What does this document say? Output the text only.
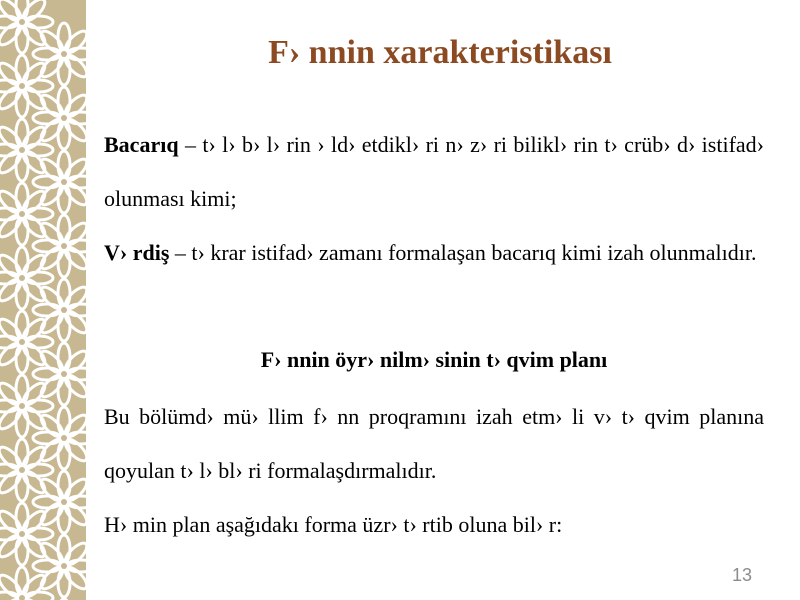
F› nnin xarakteristikası
Bacarıq – t› l› b› l› rin › ld› etdikl› ri n› z› ri bilikl› rin t› crüb› d› istifad› olunması kimi;
V› rdiş – t› krar istifad› zamanı formalaşan bacarıq kimi izah olunmalıdır.
F› nnin öyr› nilm› sinin t› qvim planı
Bu bölümd› mü› llim f› nn proqramını izah etm› li v› t› qvim planına qoyulan t› l› bl› ri formalaşdırmalıdır.
H› min plan aşağıdakı forma üzr› t› rtib oluna bil› r:
13
